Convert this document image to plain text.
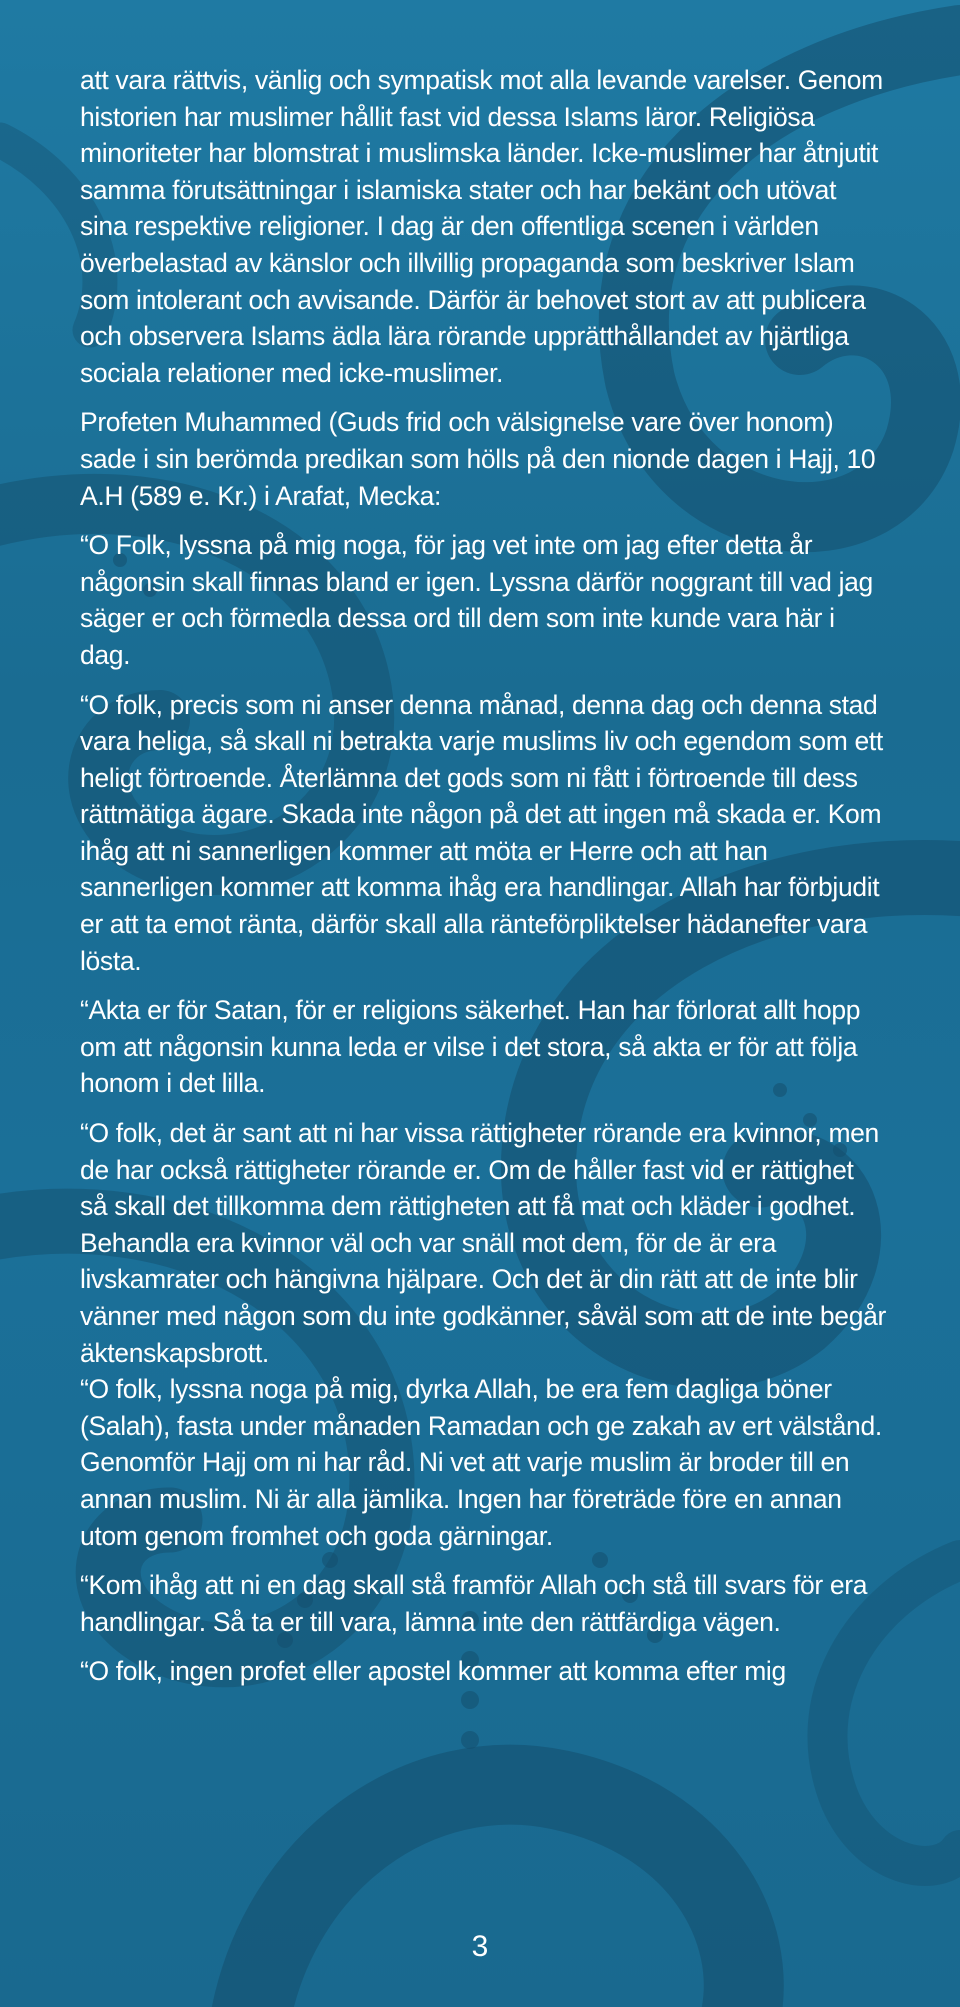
att vara rättvis, vänlig och sympatisk mot alla levande varelser. Genom historien har muslimer hållit fast vid dessa Islams läror. Religiösa minoriteter har blomstrat i muslimska länder. Icke-muslimer har åtnjutit samma förutsättningar i islamiska stater och har bekänt och utövat sina respektive religioner. I dag är den offentliga scenen i världen överbelastad av känslor och illvillig propaganda som beskriver Islam som intolerant och avvisande. Därför är behovet stort av att publicera och observera Islams ädla lära rörande upprätthållandet av hjärtliga sociala relationer med icke-muslimer.

Profeten Muhammed (Guds frid och välsignelse vare över honom) sade i sin berömda predikan som hölls på den nionde dagen i Hajj, 10 A.H (589 e. Kr.) i Arafat, Mecka:

“O Folk, lyssna på mig noga, för jag vet inte om jag efter detta år någonsin skall finnas bland er igen. Lyssna därför noggrant till vad jag säger er och förmedla dessa ord till dem som inte kunde vara här i dag.

“O folk, precis som ni anser denna månad, denna dag och denna stad vara heliga, så skall ni betrakta varje muslims liv och egendom som ett heligt förtroende. Återlämna det gods som ni fått i förtroende till dess rättmätiga ägare. Skada inte någon på det att ingen må skada er. Kom ihåg att ni sannerligen kommer att möta er Herre och att han sannerligen kommer att komma ihåg era handlingar. Allah har förbjudit er att ta emot ränta, därför skall alla ränteförpliktelser hädanefter vara lösta.

“Akta er för Satan, för er religions säkerhet. Han har förlorat allt hopp om att någonsin kunna leda er vilse i det stora, så akta er för att följa honom i det lilla.

“O folk, det är sant att ni har vissa rättigheter rörande era kvinnor, men de har också rättigheter rörande er. Om de håller fast vid er rättighet så skall det tillkomma dem rättigheten att få mat och kläder i godhet. Behandla era kvinnor väl och var snäll mot dem, för de är era livskamrater och hängivna hjälpare. Och det är din rätt att de inte blir vänner med någon som du inte godkänner, såväl som att de inte begår äktenskapsbrott.

“O folk, lyssna noga på mig, dyrka Allah, be era fem dagliga böner (Salah), fasta under månaden Ramadan och ge zakah av ert välstånd. Genomför Hajj om ni har råd. Ni vet att varje muslim är broder till en annan muslim. Ni är alla jämlika. Ingen har företräde före en annan utom genom fromhet och goda gärningar.

“Kom ihåg att ni en dag skall stå framför Allah och stå till svars för era handlingar. Så ta er till vara, lämna inte den rättfärdiga vägen.

“O folk, ingen profet eller apostel kommer att komma efter mig

3
